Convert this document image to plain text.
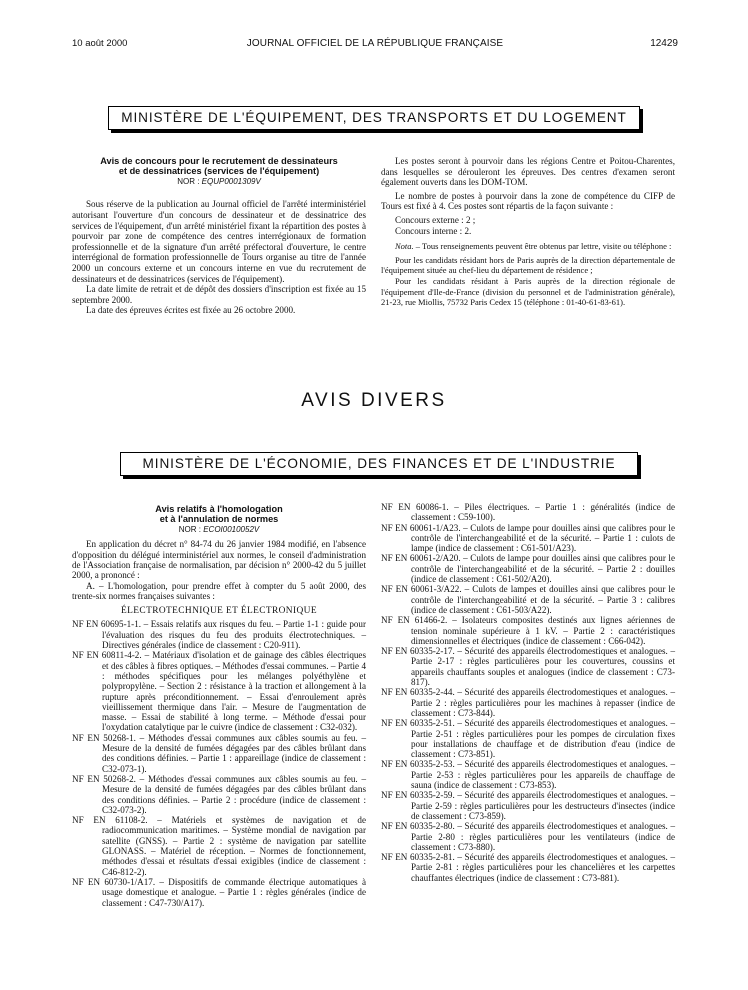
10 août 2000	JOURNAL OFFICIEL DE LA RÉPUBLIQUE FRANÇAISE	12429
MINISTÈRE DE L'ÉQUIPEMENT, DES TRANSPORTS ET DU LOGEMENT
Avis de concours pour le recrutement de dessinateurs
et de dessinatrices (services de l'équipement)
NOR : EQUP0001309V

Sous réserve de la publication au Journal officiel de l'arrêté interministériel autorisant l'ouverture d'un concours de dessinateur et de dessinatrice des services de l'équipement, d'un arrêté ministériel fixant la répartition des postes à pourvoir par zone de compétence des centres interrégionaux de formation professionnelle et de la signature d'un arrêté préfectoral d'ouverture, le centre interrégional de formation professionnelle de Tours organise au titre de l'année 2000 un concours externe et un concours interne en vue du recrutement de dessinateurs et de dessinatrices (services de l'équipement).

La date limite de retrait et de dépôt des dossiers d'inscription est fixée au 15 septembre 2000.

La date des épreuves écrites est fixée au 26 octobre 2000.

Les postes seront à pourvoir dans les régions Centre et Poitou-Charentes, dans lesquelles se dérouleront les épreuves. Des centres d'examen seront également ouverts dans les DOM-TOM.

Le nombre de postes à pourvoir dans la zone de compétence du CIFP de Tours est fixé à 4. Ces postes sont répartis de la façon suivante :

Concours externe : 2 ;

Concours interne : 2.

Nota. – Tous renseignements peuvent être obtenus par lettre, visite ou téléphone :

Pour les candidats résidant hors de Paris auprès de la direction départementale de l'équipement située au chef-lieu du département de résidence ;

Pour les candidats résidant à Paris auprès de la direction régionale de l'équipement d'Ile-de-France (division du personnel et de l'administration générale), 21-23, rue Miollis, 75732 Paris Cedex 15 (téléphone : 01-40-61-83-61).

AVIS DIVERS
MINISTÈRE DE L'ÉCONOMIE, DES FINANCES ET DE L'INDUSTRIE
Avis relatifs à l'homologation
et à l'annulation de normes
NOR : ECOI0010052V

En application du décret n° 84-74 du 26 janvier 1984 modifié, en l'absence d'opposition du délégué interministériel aux normes, le conseil d'administration de l'Association française de normalisation, par décision n° 2000-42 du 5 juillet 2000, a prononcé :

A. – L'homologation, pour prendre effet à compter du 5 août 2000, des trente-six normes françaises suivantes :

ÉLECTROTECHNIQUE ET ÉLECTRONIQUE

NF EN 60695-1-1. – Essais relatifs aux risques du feu. – Partie 1-1 : guide pour l'évaluation des risques du feu des produits électrotechniques. – Directives générales (indice de classement : C20-911).

NF EN 60811-4-2. – Matériaux d'isolation et de gainage des câbles électriques et des câbles à fibres optiques. – Méthodes d'essai communes. – Partie 4 : méthodes spécifiques pour les mélanges polyéthylène et polypropylène. – Section 2 : résistance à la traction et allongement à la rupture après préconditionnement. – Essai d'enroulement après vieillissement thermique dans l'air. – Mesure de l'augmentation de masse. – Essai de stabilité à long terme. – Méthode d'essai pour l'oxydation catalytique par le cuivre (indice de classement : C32-032).

NF EN 50268-1. – Méthodes d'essai communes aux câbles soumis au feu. – Mesure de la densité de fumées dégagées par des câbles brûlant dans des conditions définies. – Partie 1 : appareillage (indice de classement : C32-073-1).

NF EN 50268-2. – Méthodes d'essai communes aux câbles soumis au feu. – Mesure de la densité de fumées dégagées par des câbles brûlant dans des conditions définies. – Partie 2 : procédure (indice de classement : C32-073-2).

NF EN 61108-2. – Matériels et systèmes de navigation et de radiocommunication maritimes. – Système mondial de navigation par satellite (GNSS). – Partie 2 : système de navigation par satellite GLONASS. – Matériel de réception. – Normes de fonctionnement, méthodes d'essai et résultats d'essai exigibles (indice de classement : C46-812-2).

NF EN 60730-1/A17. – Dispositifs de commande électrique automatiques à usage domestique et analogue. – Partie 1 : règles générales (indice de classement : C47-730/A17).

NF EN 60086-1. – Piles électriques. – Partie 1 : généralités (indice de classement : C59-100).

NF EN 60061-1/A23. – Culots de lampe pour douilles ainsi que calibres pour le contrôle de l'interchangeabilité et de la sécurité. – Partie 1 : culots de lampe (indice de classement : C61-501/A23).

NF EN 60061-2/A20. – Culots de lampe pour douilles ainsi que calibres pour le contrôle de l'interchangeabilité et de la sécurité. – Partie 2 : douilles (indice de classement : C61-502/A20).

NF EN 60061-3/A22. – Culots de lampes et douilles ainsi que calibres pour le contrôle de l'interchangeabilité et de la sécurité. – Partie 3 : calibres (indice de classement : C61-503/A22).

NF EN 61466-2. – Isolateurs composites destinés aux lignes aériennes de tension nominale supérieure à 1 kV. – Partie 2 : caractéristiques dimensionnelles et électriques (indice de classement : C66-042).

NF EN 60335-2-17. – Sécurité des appareils électrodomestiques et analogues. – Partie 2-17 : règles particulières pour les couvertures, coussins et appareils chauffants souples et analogues (indice de classement : C73-817).

NF EN 60335-2-44. – Sécurité des appareils électrodomestiques et analogues. – Partie 2 : règles particulières pour les machines à repasser (indice de classement : C73-844).

NF EN 60335-2-51. – Sécurité des appareils électrodomestiques et analogues. – Partie 2-51 : règles particulières pour les pompes de circulation fixes pour installations de chauffage et de distribution d'eau (indice de classement : C73-851).

NF EN 60335-2-53. – Sécurité des appareils électrodomestiques et analogues. – Partie 2-53 : règles particulières pour les appareils de chauffage de sauna (indice de classement : C73-853).

NF EN 60335-2-59. – Sécurité des appareils électrodomestiques et analogues. – Partie 2-59 : règles particulières pour les destructeurs d'insectes (indice de classement : C73-859).

NF EN 60335-2-80. – Sécurité des appareils électrodomestiques et analogues. – Partie 2-80 : règles particulières pour les ventilateurs (indice de classement : C73-880).

NF EN 60335-2-81. – Sécurité des appareils électrodomestiques et analogues. – Partie 2-81 : règles particulières pour les chancelières et les carpettes chauffantes électriques (indice de classement : C73-881).
